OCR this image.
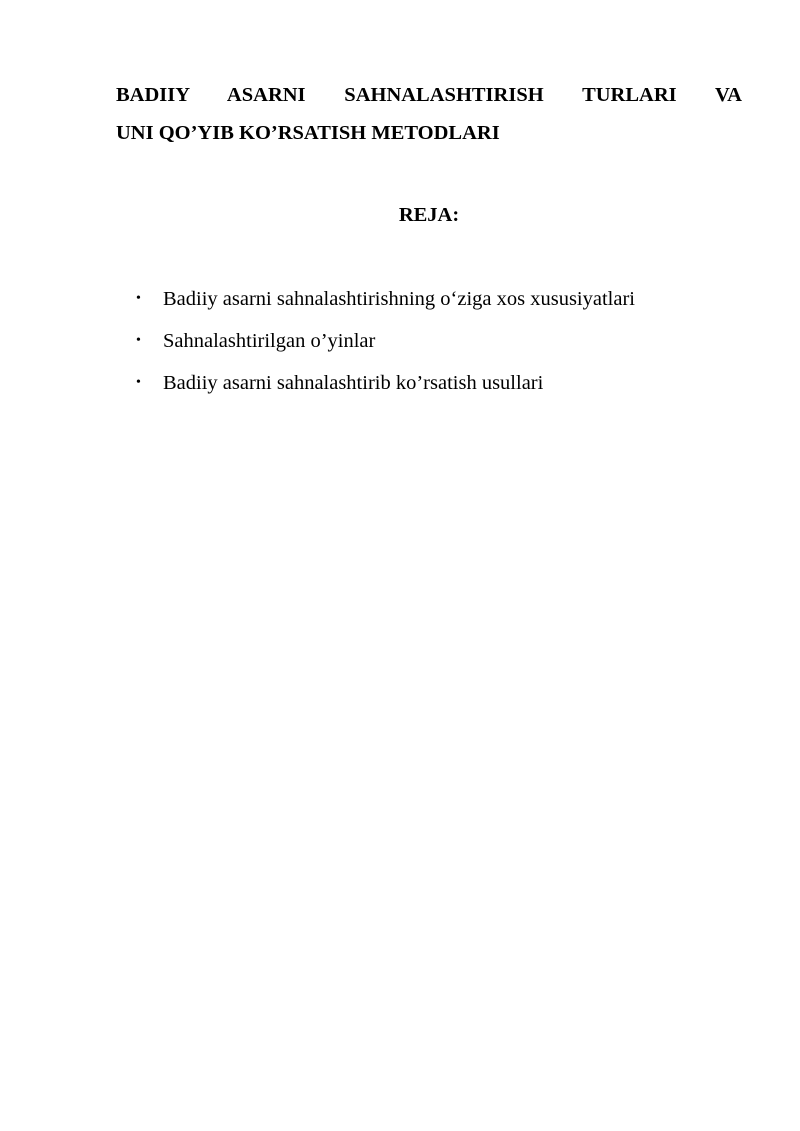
BADIIY ASARNI SAHNALASHTIRISH TURLARI VA
UNI QO’YIB KO’RSATISH METODLARI
REJA:
•	Badiiy asarni sahnalashtirishning o‘ziga xos xususiyatlari
•	Sahnalashtirilgan o’yinlar
•	Badiiy asarni sahnalashtirib ko’rsatish usullari
